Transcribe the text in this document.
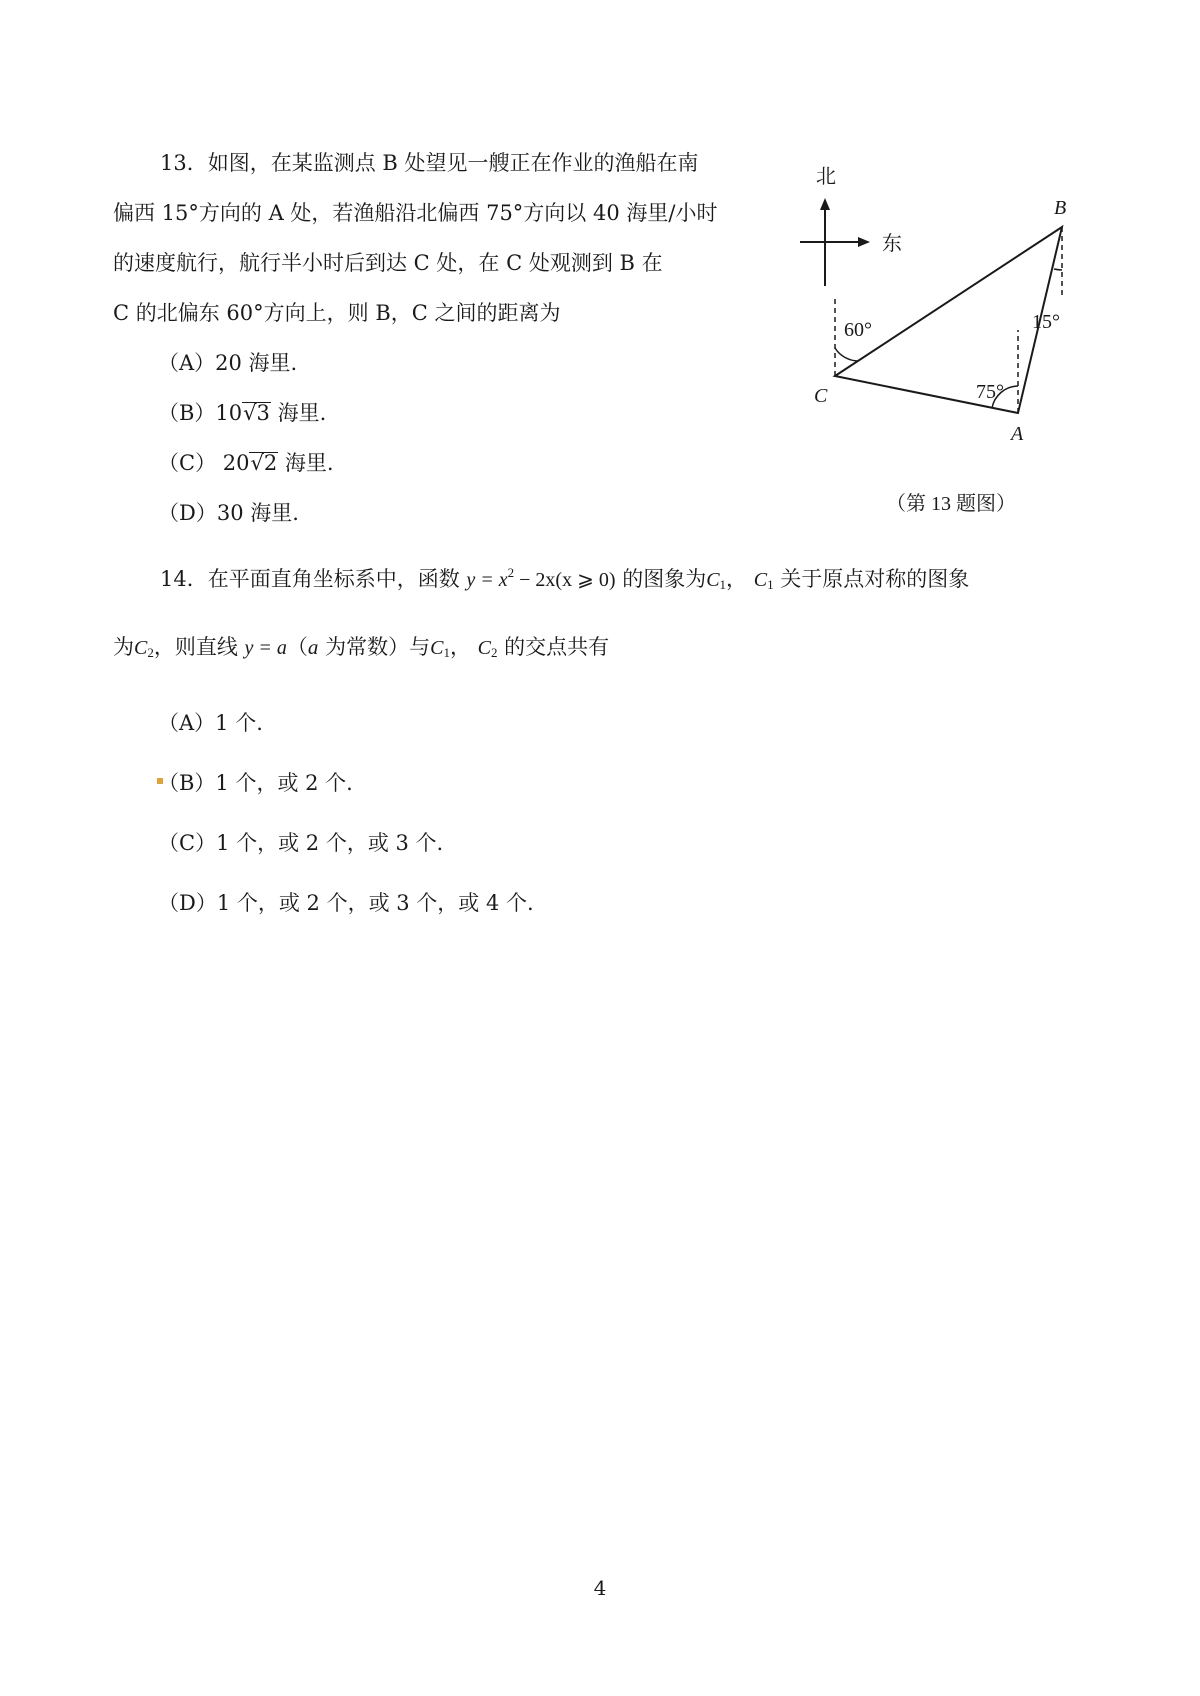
13．如图，在某监测点 B 处望见一艘正在作业的渔船在南
偏西 15°方向的 A 处，若渔船沿北偏西 75°方向以 40 海里/小时
的速度航行，航行半小时后到达 C 处，在 C 处观测到 B 在
C 的北偏东 60°方向上，则 B，C 之间的距离为
（A）20 海里.
（B）10√3 海里.
（C） 20√2 海里.
（D）30 海里.
北
东
B
C
A
60°
75°
15°
（第 13 题图）
14．在平面直角坐标系中，函数 $y = x^2 - 2x(x$ ⩾ 0) 的图象为$C_1$， $C_1$ 关于原点对称的图象
为$C_2$，则直线 y = a（a 为常数）与$C_1$， $C_2$ 的交点共有
（A）1 个.
（B）1 个，或 2 个.
（C）1 个，或 2 个，或 3 个.
（D）1 个，或 2 个，或 3 个，或 4 个.
4
